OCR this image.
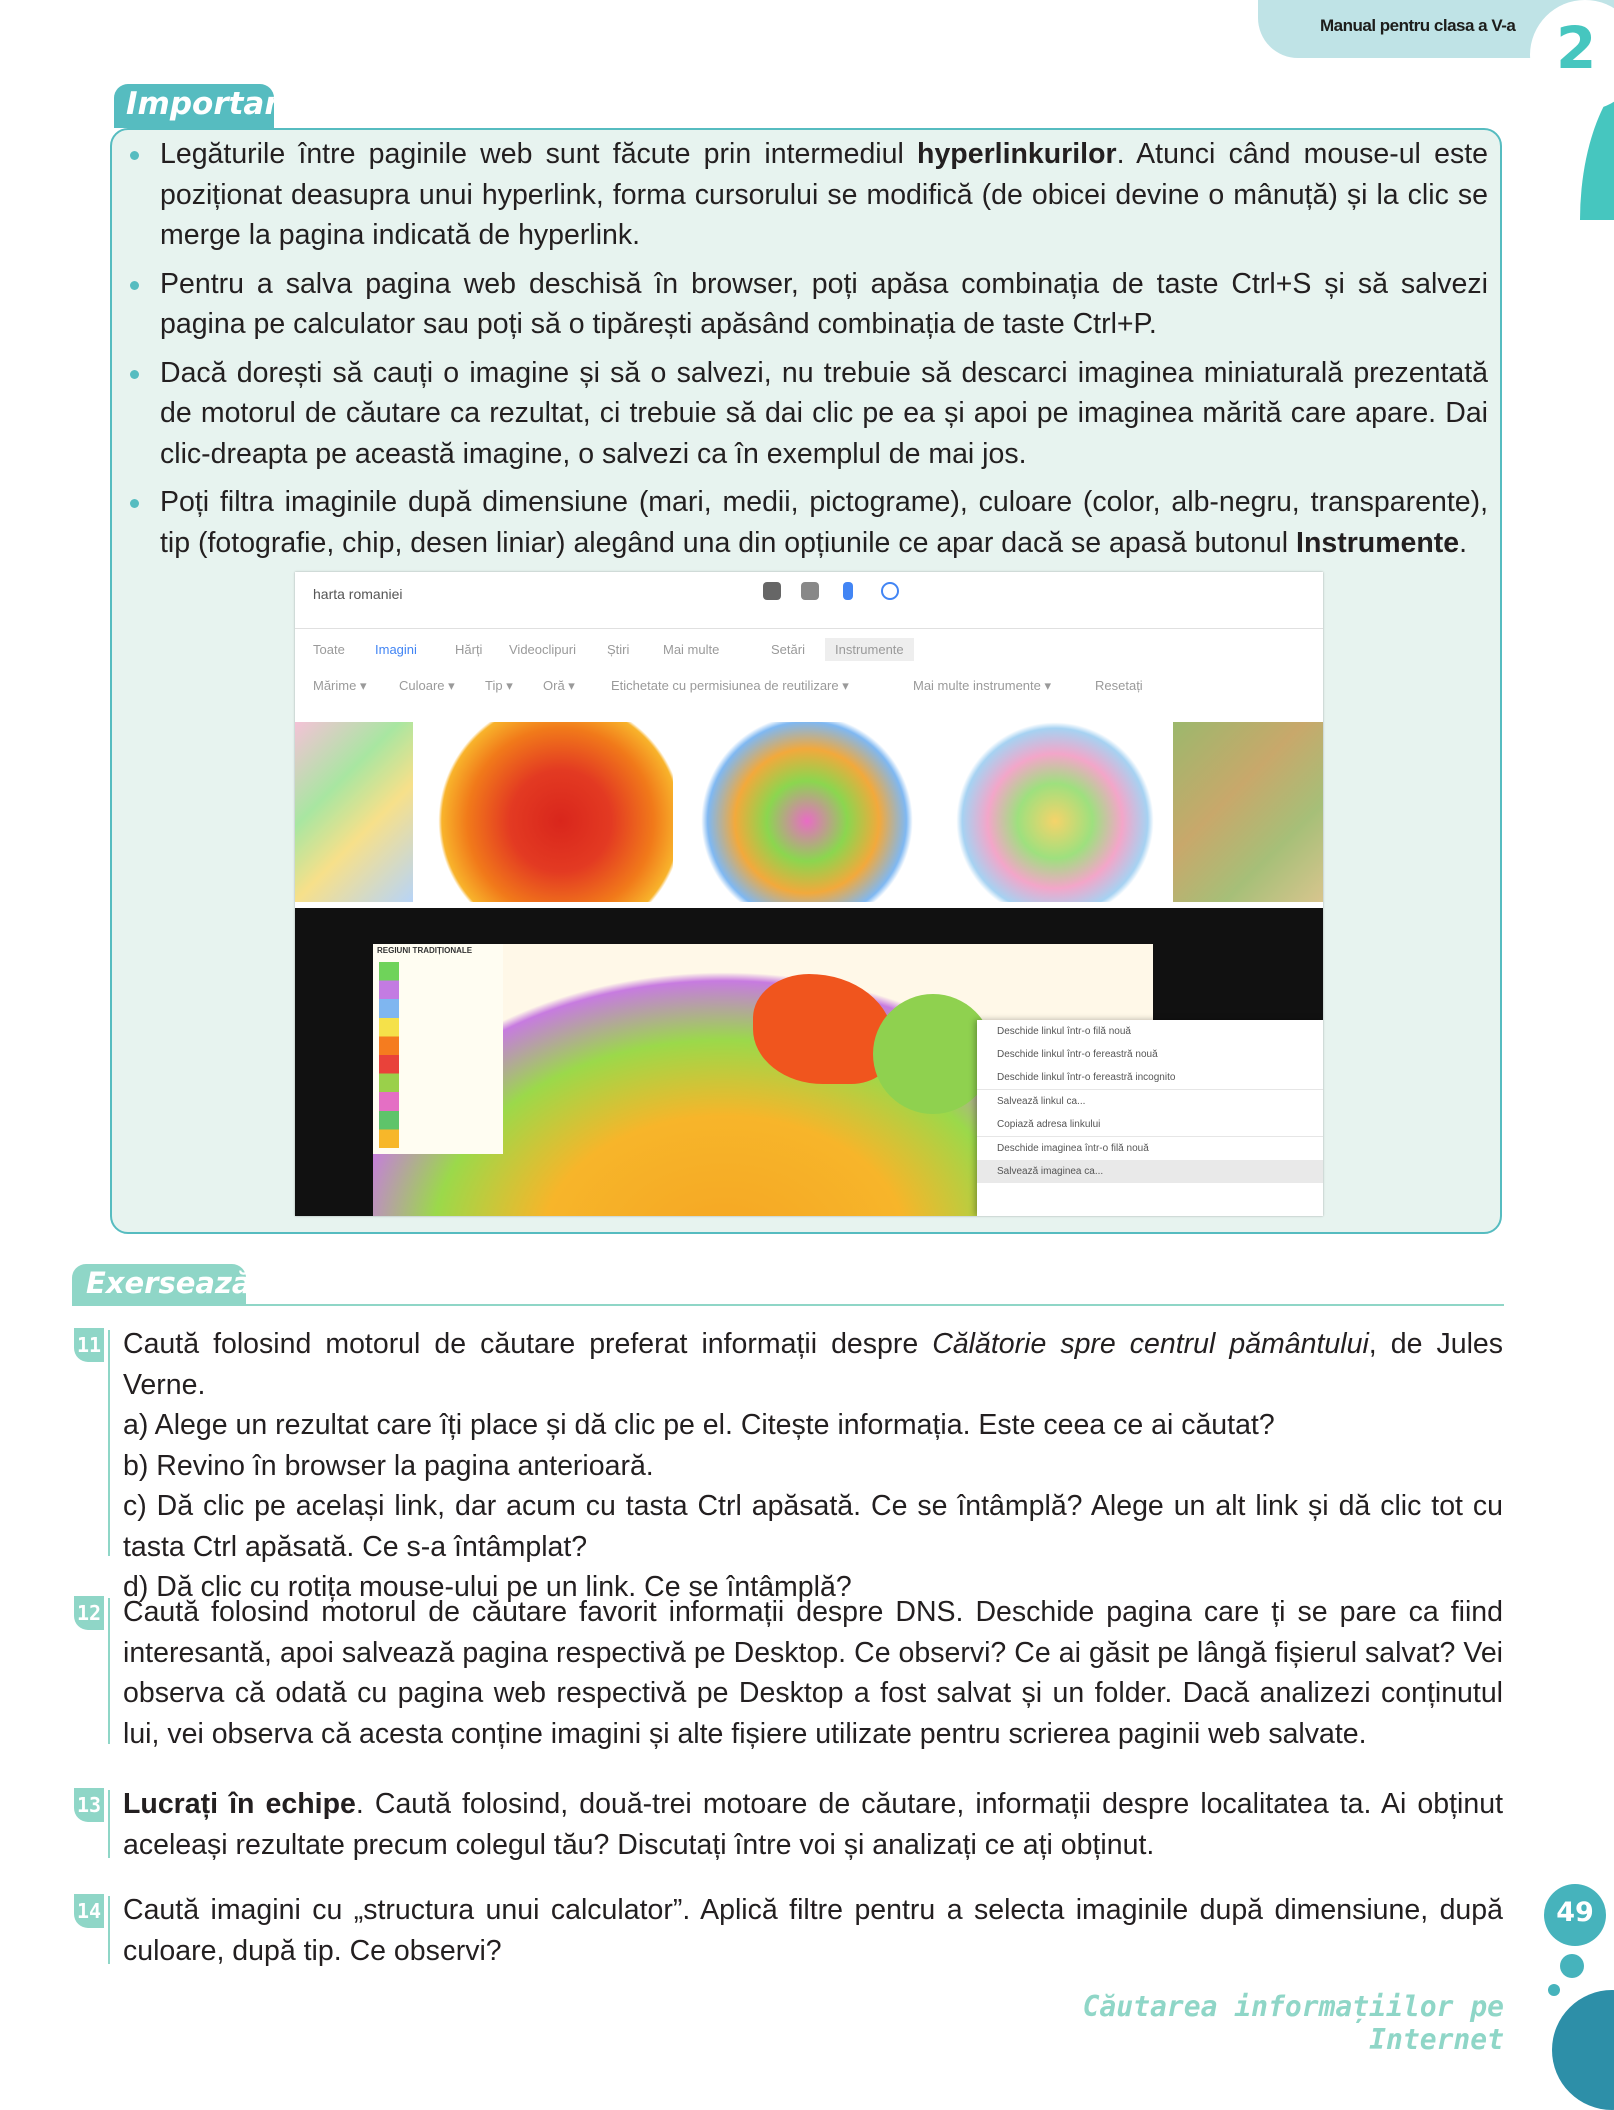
Manual pentru clasa a V-a 2
Important
Legăturile între paginile web sunt făcute prin intermediul hyperlinkurilor. Atunci când mouse-ul este poziționat deasupra unui hyperlink, forma cursorului se modifică (de obicei devine o mânuță) și la clic se merge la pagina indicată de hyperlink.
Pentru a salva pagina web deschisă în browser, poți apăsa combinația de taste Ctrl+S și să salvezi pagina pe calculator sau poți să o tipărești apăsând combinația de taste Ctrl+P.
Dacă dorești să cauți o imagine și să o salvezi, nu trebuie să descarci imaginea miniaturală prezentată de motorul de căutare ca rezultat, ci trebuie să dai clic pe ea și apoi pe imaginea mărită care apare. Dai clic-dreapta pe această imagine, o salvezi ca în exemplul de mai jos.
Poți filtra imaginile după dimensiune (mari, medii, pictograme), culoare (color, alb-negru, transparente), tip (fotografie, chip, desen liniar) alegând una din opțiunile ce apar dacă se apasă butonul Instrumente.
harta romaniei
Toate Imagini	Hărți Videoclipuri Știri	Mai multe	Setări	Instrumente
Mărime ▾	Culoare ▾ Tip ▾ Oră ▾	Etichetate cu permisiunea de reutilizare ▾	Mai multe instrumente ▾	Resetați
REGIUNI TRADIȚIONALE
Deschide linkul într-o filă nouă
Deschide linkul într-o fereastră nouă
Deschide linkul într-o fereastră incognito
Salvează linkul ca...
Copiază adresa linkului
Deschide imaginea într-o filă nouă
Salvează imaginea ca...
Exersează!
11 Caută folosind motorul de căutare preferat informații despre Călătorie spre centrul pământului, de Jules Verne.

a) Alege un rezultat care îți place și dă clic pe el. Citește informația. Este ceea ce ai căutat?

b) Revino în browser la pagina anterioară.

c) Dă clic pe același link, dar acum cu tasta Ctrl apăsată. Ce se întâmplă? Alege un alt link și dă clic tot cu tasta Ctrl apăsată. Ce s-a întâmplat?

d) Dă clic cu rotița mouse-ului pe un link. Ce se întâmplă?

12 Caută folosind motorul de căutare favorit informații despre DNS. Deschide pagina care ți se pare ca fiind interesantă, apoi salvează pagina respectivă pe Desktop. Ce observi? Ce ai găsit pe lângă fișierul salvat? Vei observa că odată cu pagina web respectivă pe Desktop a fost salvat și un folder. Dacă analizezi conținutul lui, vei observa că acesta conține imagini și alte fișiere utilizate pentru scrierea paginii web salvate.

13 Lucrați în echipe. Caută folosind, două-trei motoare de căutare, informații despre localitatea ta. Ai obținut aceleași rezultate precum colegul tău? Discutați între voi și analizați ce ați obținut.

14 Caută imagini cu „structura unui calculator”. Aplică filtre pentru a selecta imaginile după dimensiune, după culoare, după tip. Ce observi?

49
Căutarea informațiilor pe Internet
